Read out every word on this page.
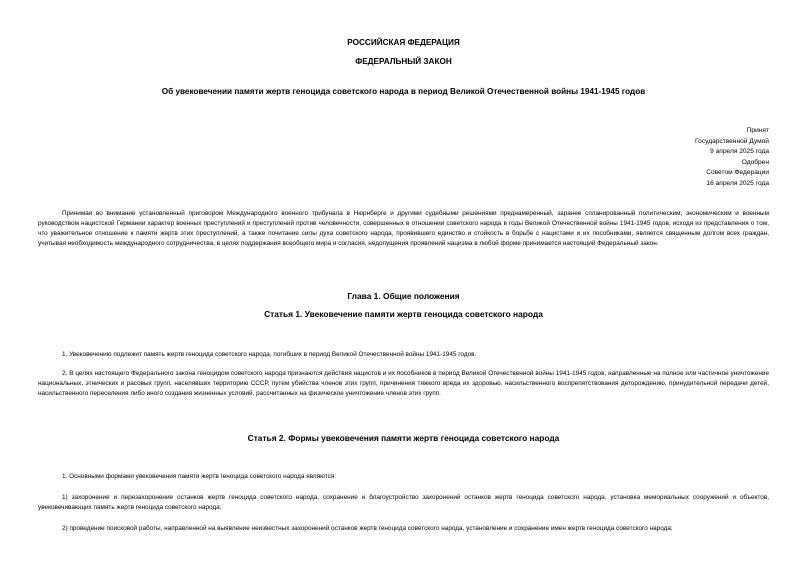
РОССИЙСКАЯ ФЕДЕРАЦИЯ
ФЕДЕРАЛЬНЫЙ ЗАКОН
Об увековечении памяти жертв геноцида советского народа в период Великой Отечественной войны 1941-1945 годов
Принят
Государственной Думой
9 апреля 2025 года
Одобрен
Советом Федерации
16 апреля 2025 года
Принимая во внимание установленный приговором Международного военного трибунала в Нюрнберге и другими судебными решениями преднамеренный, заранее спланированный политическим, экономическим и военным руководством нацистской Германии характер военных преступлений и преступлений против человечности, совершенных в отношении советского народа в годы Великой Отечественной войны 1941-1945 годов, исходя из представления о том, что уважительное отношение к памяти жертв этих преступлений, а также почитание силы духа советского народа, проявившего единство и стойкость в борьбе с нацистами и их пособниками, является священным долгом всех граждан, учитывая необходимость международного сотрудничества, в целях поддержания всеобщего мира и согласия, недопущения проявлений нацизма в любой форме принимается настоящий Федеральный закон.
Глава 1. Общие положения
Статья 1. Увековечение памяти жертв геноцида советского народа
1. Увековечению подлежит память жертв геноцида советского народа, погибших в период Великой Отечественной войны 1941-1945 годов.
2. В целях настоящего Федерального закона геноцидом советского народа признаются действия нацистов и их пособников в период Великой Отечественной войны 1941-1945 годов, направленные на полное или частичное уничтожение национальных, этнических и расовых групп, населявших территорию СССР, путем убийства членов этих групп, причинения тяжкого вреда их здоровью, насильственного воспрепятствования деторождению, принудительной передачи детей, насильственного переселения либо иного создания жизненных условий, рассчитанных на физическое уничтожение членов этих групп.
Статья 2. Формы увековечения памяти жертв геноцида советского народа
1. Основными формами увековечения памяти жертв геноцида советского народа являются:
1) захоронение и перезахоронение останков жертв геноцида советского народа, сохранение и благоустройство захоронений останков жертв геноцида советского народа, установка мемориальных сооружений и объектов, увековечивающих память жертв геноцида советского народа;
2) проведение поисковой работы, направленной на выявление неизвестных захоронений останков жертв геноцида советского народа, установление и сохранение имен жертв геноцида советского народа;
